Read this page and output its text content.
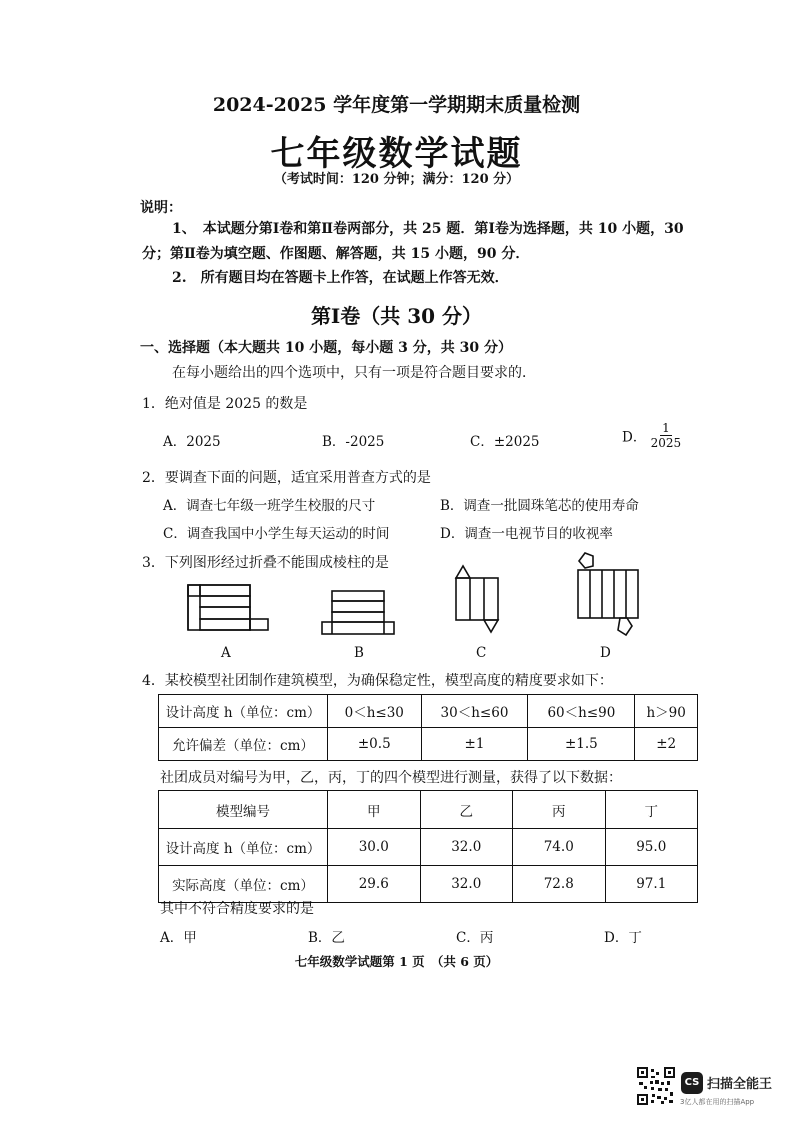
2024-2025 学年度第一学期期末质量检测
七年级数学试题
（考试时间：120 分钟；满分：120 分）
说明：
1、　本试题分第Ⅰ卷和第Ⅱ卷两部分，共 25 题．第Ⅰ卷为选择题，共 10 小题，30
分；第Ⅱ卷为填空题、作图题、解答题，共 15 小题，90 分．
2.　所有题目均在答题卡上作答，在试题上作答无效．
第Ⅰ卷（共 30 分）
一、选择题（本大题共 10 小题，每小题 3 分，共 30 分）
在每小题给出的四个选项中，只有一项是符合题目要求的．
1．绝对值是 2025 的数是
A．2025	B．-2025	C．±2025	D． $\frac{1}{2025}$
2．要调查下面的问题，适宜采用普查方式的是
A．调查七年级一班学生校服的尺寸	B．调查一批圆珠笔芯的使用寿命
C．调查我国中小学生每天运动的时间	D．调查一电视节目的收视率
3．下列图形经过折叠不能围成棱柱的是
A	B	C	D
4．某校模型社团制作建筑模型，为确保稳定性，模型高度的精度要求如下：
设计高度 h（单位：cm）	0＜h≤30	30＜h≤60	60＜h≤90	h＞90
允许偏差（单位：cm）	±0.5	±1	±1.5	±2
社团成员对编号为甲，乙，丙，丁的四个模型进行测量，获得了以下数据：
模型编号	甲	乙	丙	丁
设计高度 h（单位：cm）	30.0	32.0	74.0	95.0
实际高度（单位：cm）	29.6	32.0	72.8	97.1
其中不符合精度要求的是
A．甲	B．乙	C．丙	D．丁
七年级数学试题第 1 页　（共 6 页）
CS 扫描全能王
3亿人都在用的扫描App
